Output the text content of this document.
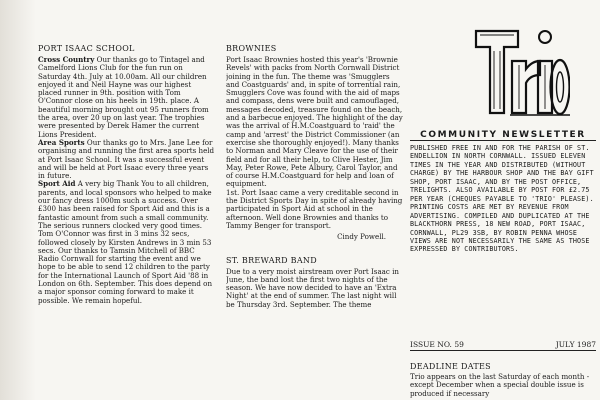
PORT ISAAC SCHOOL

Cross Country Our thanks go to Tintagel and Camelford Lions Club for the fun run on Saturday 4th. July at 10.00am. All our children enjoyed it and Neil Hayne was our highest placed runner in 9th. position with Tom O'Connor close on his heels in 19th. place. A beautiful morning brought out 95 runners from the area, over 20 up on last year. The trophies were presented by Derek Hamer the current Lions President.

Area Sports Our thanks go to Mrs. Jane Lee for organising and running the first area sports held at Port Isaac School. It was a successful event and will be held at Port Isaac every three years in future.

Sport Aid A very big Thank You to all children, parents, and local sponsors who helped to make our fancy dress 1000m such a success. Over £300 has been raised for Sport Aid and this is a fantastic amount from such a small community. The serious runners clocked very good times. Tom O'Connor was first in 3 mins 32 secs, followed closely by Kirsten Andrews in 3 min 53 secs. Our thanks to Tamsin Mitchell of BBC Radio Cornwall for starting the event and we hope to be able to send 12 children to the party for the International Launch of Sport Aid '88 in London on 6th. September. This does depend on a major sponsor coming forward to make it possible. We remain hopeful.

BROWNIES

Port Isaac Brownies hosted this year's 'Brownie Revels' with packs from North Cornwall District joining in the fun. The theme was 'Smugglers and Coastguards' and, in spite of torrential rain, Smugglers Cove was found with the aid of maps and compass, dens were built and camouflaged, messages decoded, treasure found on the beach, and a barbecue enjoyed. The highlight of the day was the arrival of H.M.Coastguard to 'raid' the camp and 'arrest' the District Commissioner (an exercise she thoroughly enjoyed!). Many thanks to Norman and Mary Cleave for the use of their field and for all their help, to Clive Hester, Jim May, Peter Rowe, Pete Albury, Carol Taylor, and of course H.M.Coastguard for help and loan of equipment.

1st. Port Isaac came a very creditable second in the District Sports Day in spite of already having participated in Sport Aid at school in the afternoon. Well done Brownies and thanks to Tammy Benger for transport.

Cindy Powell.

ST. BREWARD BAND

Due to a very moist airstream over Port Isaac in June, the band lost the first two nights of the season. We have now decided to have an 'Extra Night' at the end of summer. The last night will be Thursday 3rd. September. The theme

COMMUNITY NEWSLETTER

PUBLISHED FREE IN AND FOR THE PARISH OF ST. ENDELLION IN NORTH CORNWALL. ISSUED ELEVEN TIMES IN THE YEAR AND DISTRIBUTED (WITHOUT CHARGE) BY THE HARBOUR SHOP AND THE BAY GIFT SHOP, PORT ISAAC, AND BY THE POST OFFICE, TRELIGHTS. ALSO AVAILABLE BY POST FOR £2.75 PER YEAR (CHEQUES PAYABLE TO 'TRIO' PLEASE). PRINTING COSTS ARE MET BY REVENUE FROM ADVERTISING. COMPILED AND DUPLICATED AT THE BLACKTHORN PRESS, 18 NEW ROAD, PORT ISAAC, CORNWALL, PL29 3SB, BY ROBIN PENNA WHOSE VIEWS ARE NOT NECESSARILY THE SAME AS THOSE EXPRESSED BY CONTRIBUTORS.

ISSUE NO. 59	JULY 1987

DEADLINE DATES

Trio appears on the last Saturday of each month - except December when a special double issue is produced if necessary
